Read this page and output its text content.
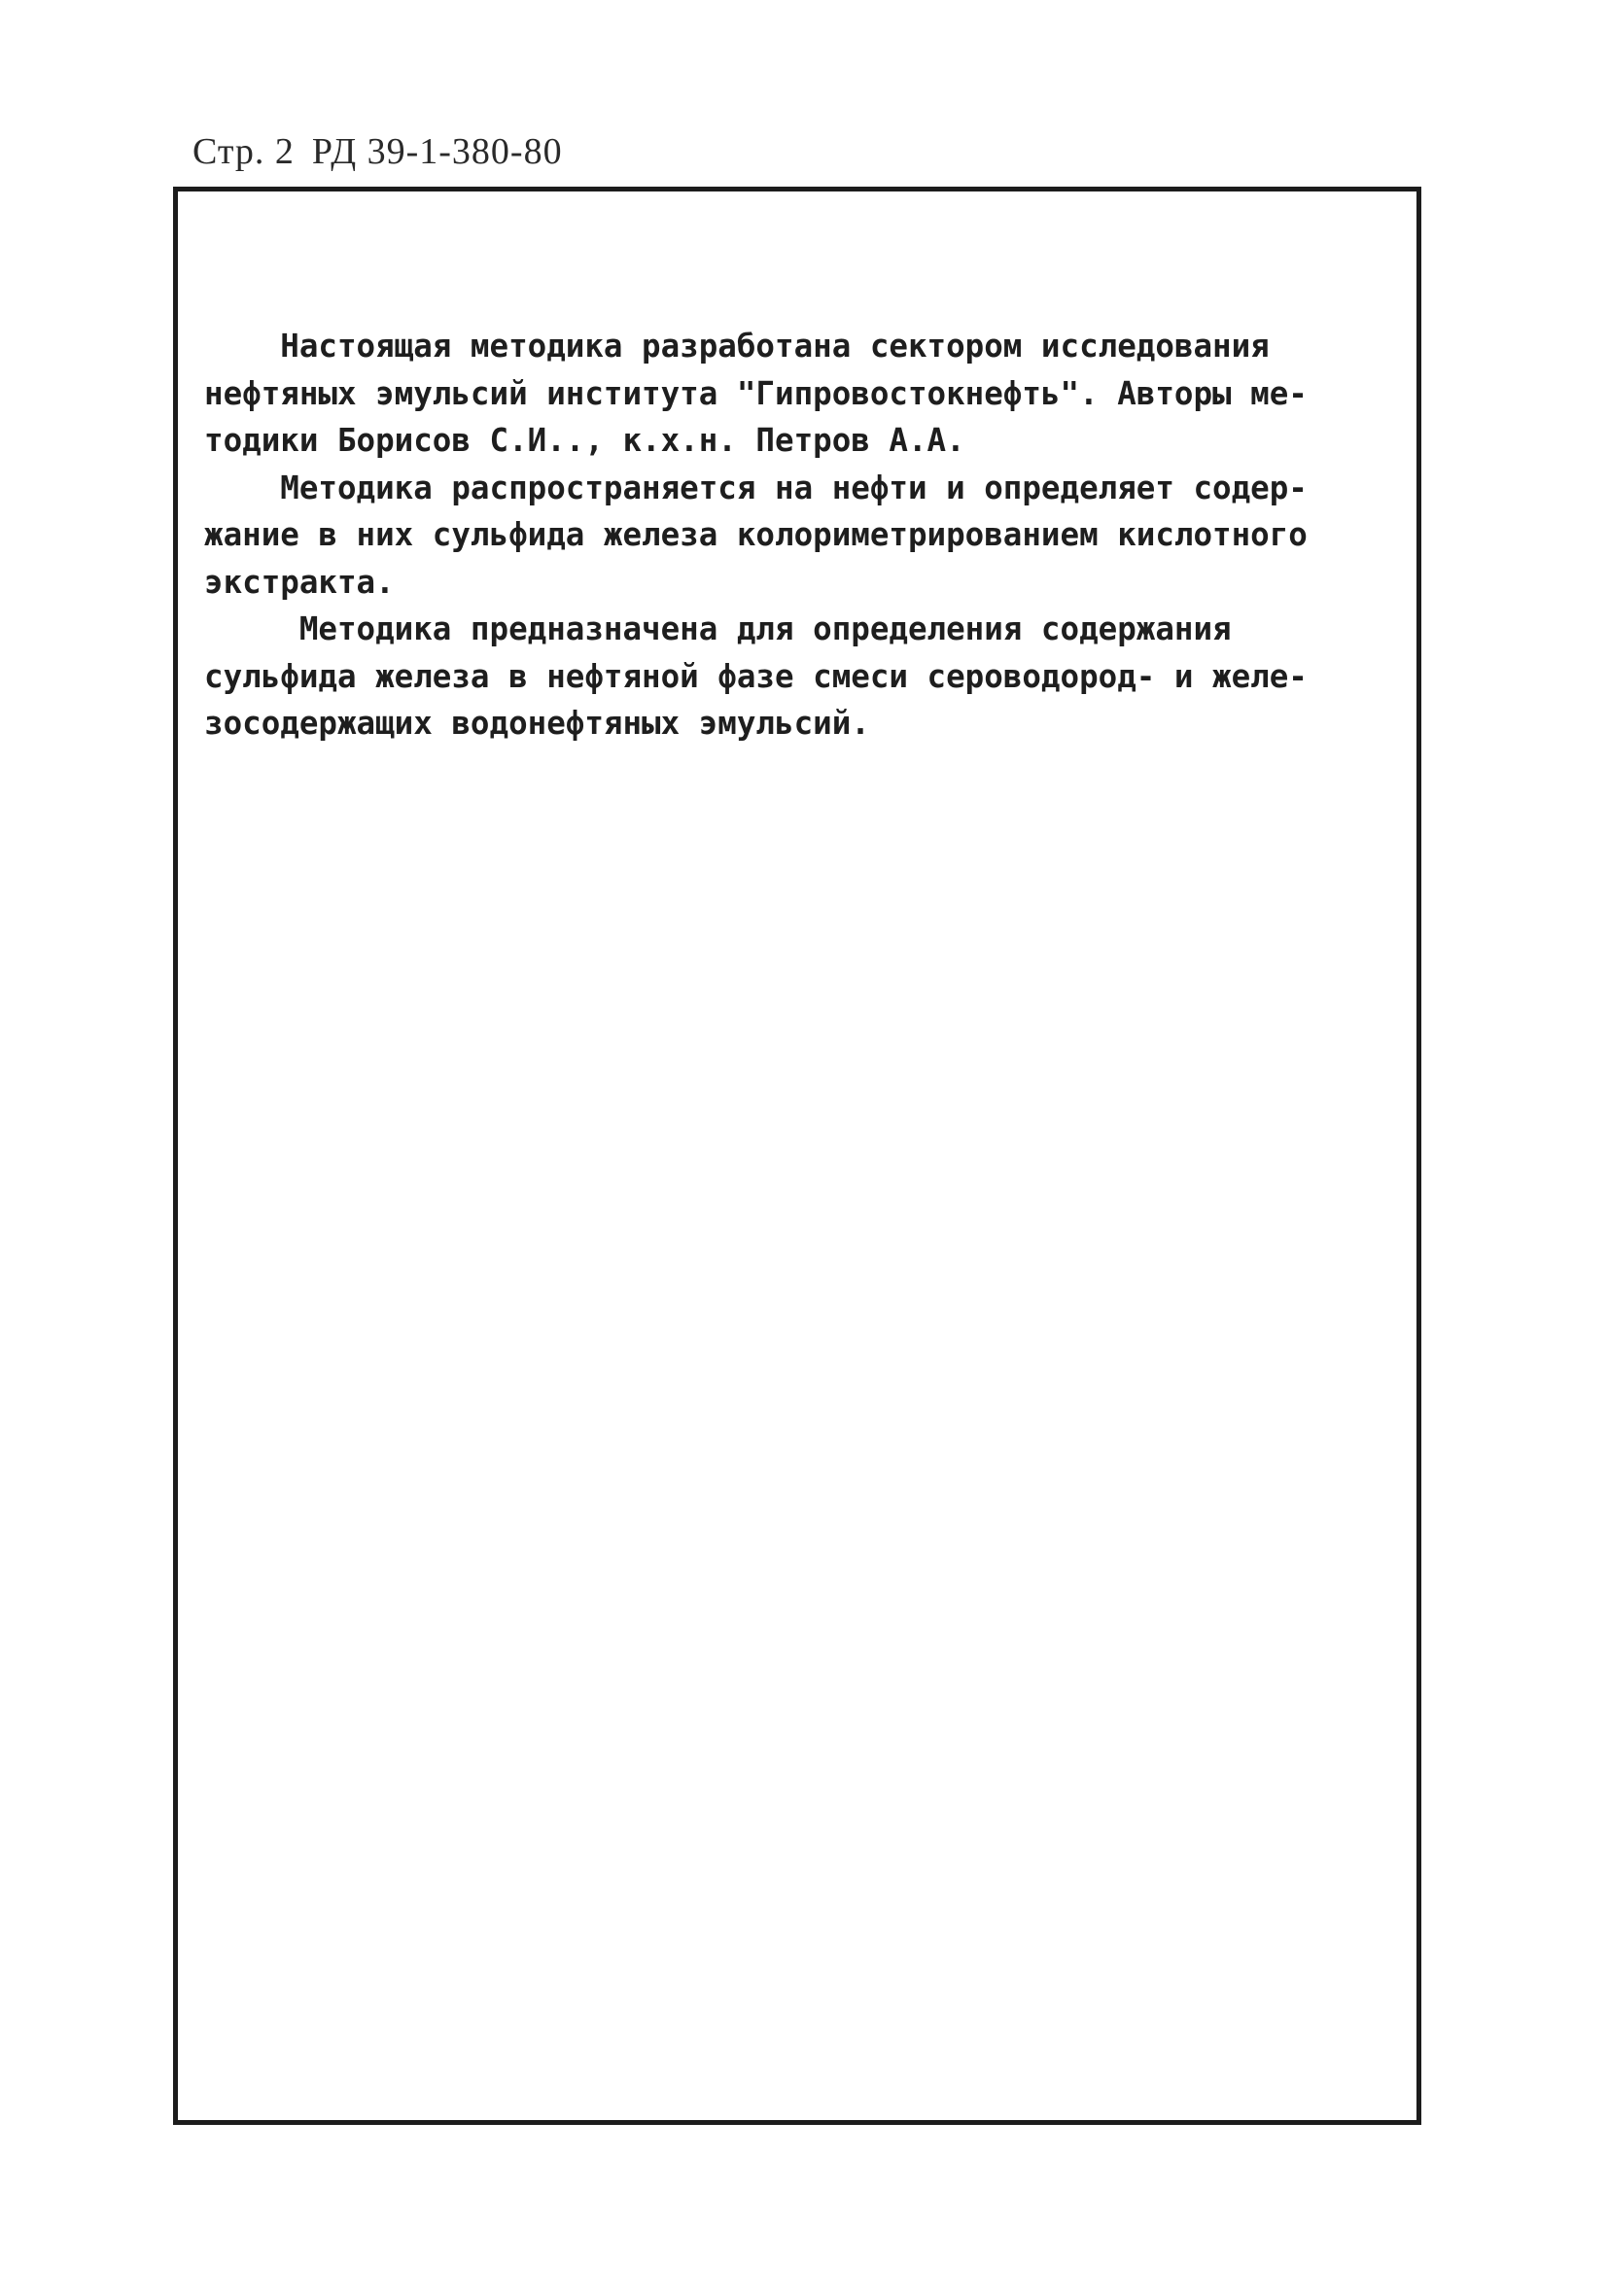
Стр. 2 РД 39-1-380-80
Настоящая методика разработана сектором исследования
нефтяных эмульсий института "Гипровостокнефть". Авторы ме-
тодики Борисов С.И.., к.х.н. Петров А.А.
Методика распространяется на нефти и определяет содер-
жание в них сульфида железа колориметрированием кислотного
экстракта.
Методика предназначена для определения содержания
сульфида железа в нефтяной фазе смеси сероводород- и желе-
зосодержащих водонефтяных эмульсий.
